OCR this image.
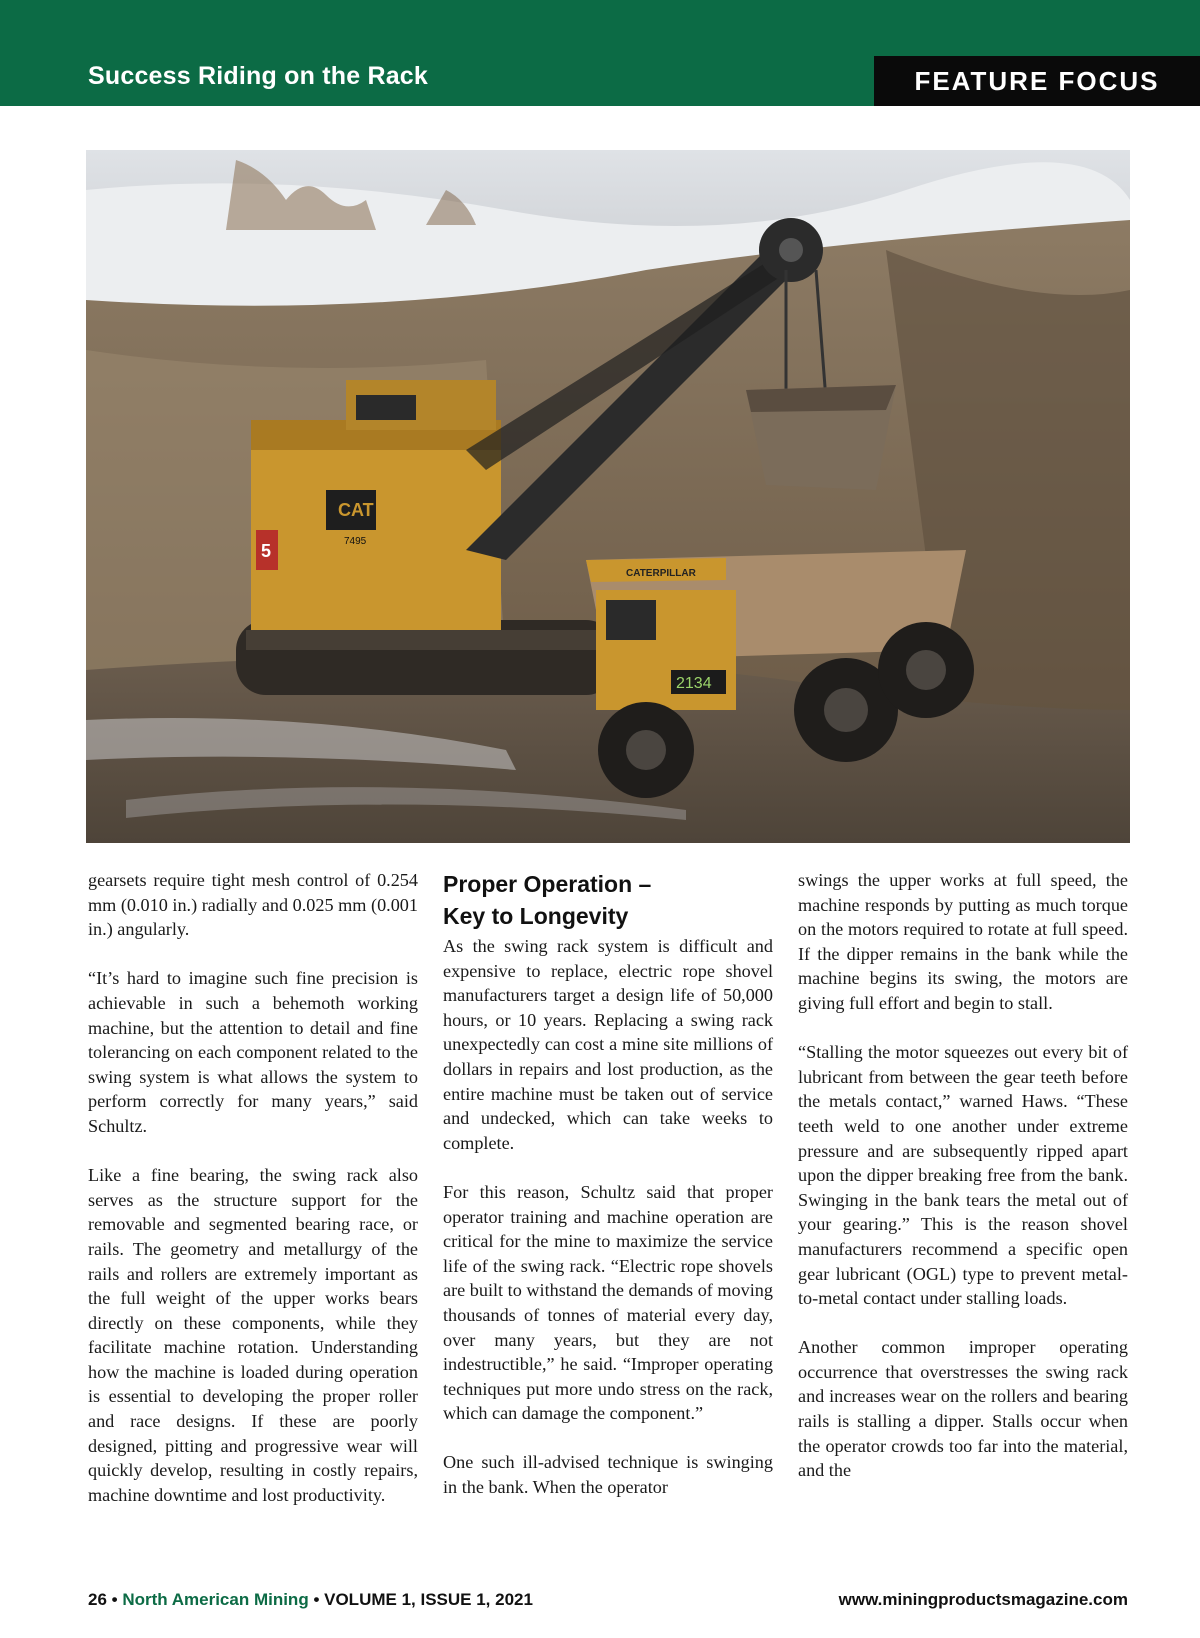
Success Riding on the Rack	FEATURE FOCUS
CAT
7495
5
CATERPILLAR
2134

gearsets require tight mesh control of 0.254 mm (0.010 in.) radially and 0.025 mm (0.001 in.) angularly.

“It’s hard to imagine such fine precision is achievable in such a behemoth working machine, but the attention to detail and fine tolerancing on each component related to the swing system is what allows the system to perform correctly for many years,” said Schultz.

Like a fine bearing, the swing rack also serves as the structure support for the removable and segmented bearing race, or rails. The geometry and metallurgy of the rails and rollers are extremely important as the full weight of the upper works bears directly on these components, while they facilitate machine rotation. Understanding how the machine is loaded during operation is essential to developing the proper roller and race designs. If these are poorly designed, pitting and progressive wear will quickly develop, resulting in costly repairs, machine downtime and lost productivity.

Proper Operation –
Key to Longevity

As the swing rack system is difficult and expensive to replace, electric rope shovel manufacturers target a design life of 50,000 hours, or 10 years. Replacing a swing rack unexpectedly can cost a mine site millions of dollars in repairs and lost production, as the entire machine must be taken out of service and undecked, which can take weeks to complete.

For this reason, Schultz said that proper operator training and machine operation are critical for the mine to maximize the service life of the swing rack. “Electric rope shovels are built to withstand the demands of moving thousands of tonnes of material every day, over many years, but they are not indestructible,” he said. “Improper operating techniques put more undo stress on the rack, which can damage the component.”

One such ill-advised technique is swinging in the bank. When the operator

swings the upper works at full speed, the machine responds by putting as much torque on the motors required to rotate at full speed. If the dipper remains in the bank while the machine begins its swing, the motors are giving full effort and begin to stall.

“Stalling the motor squeezes out every bit of lubricant from between the gear teeth before the metals contact,” warned Haws. “These teeth weld to one another under extreme pressure and are subsequently ripped apart upon the dipper breaking free from the bank. Swinging in the bank tears the metal out of your gearing.” This is the reason shovel manufacturers recommend a specific open gear lubricant (OGL) type to prevent metal-to-metal contact under stalling loads.

Another common improper operating occurrence that overstresses the swing rack and increases wear on the rollers and bearing rails is stalling a dipper. Stalls occur when the operator crowds too far into the material, and the

26 • North American Mining • VOLUME 1, ISSUE 1, 2021	www.miningproductsmagazine.com
